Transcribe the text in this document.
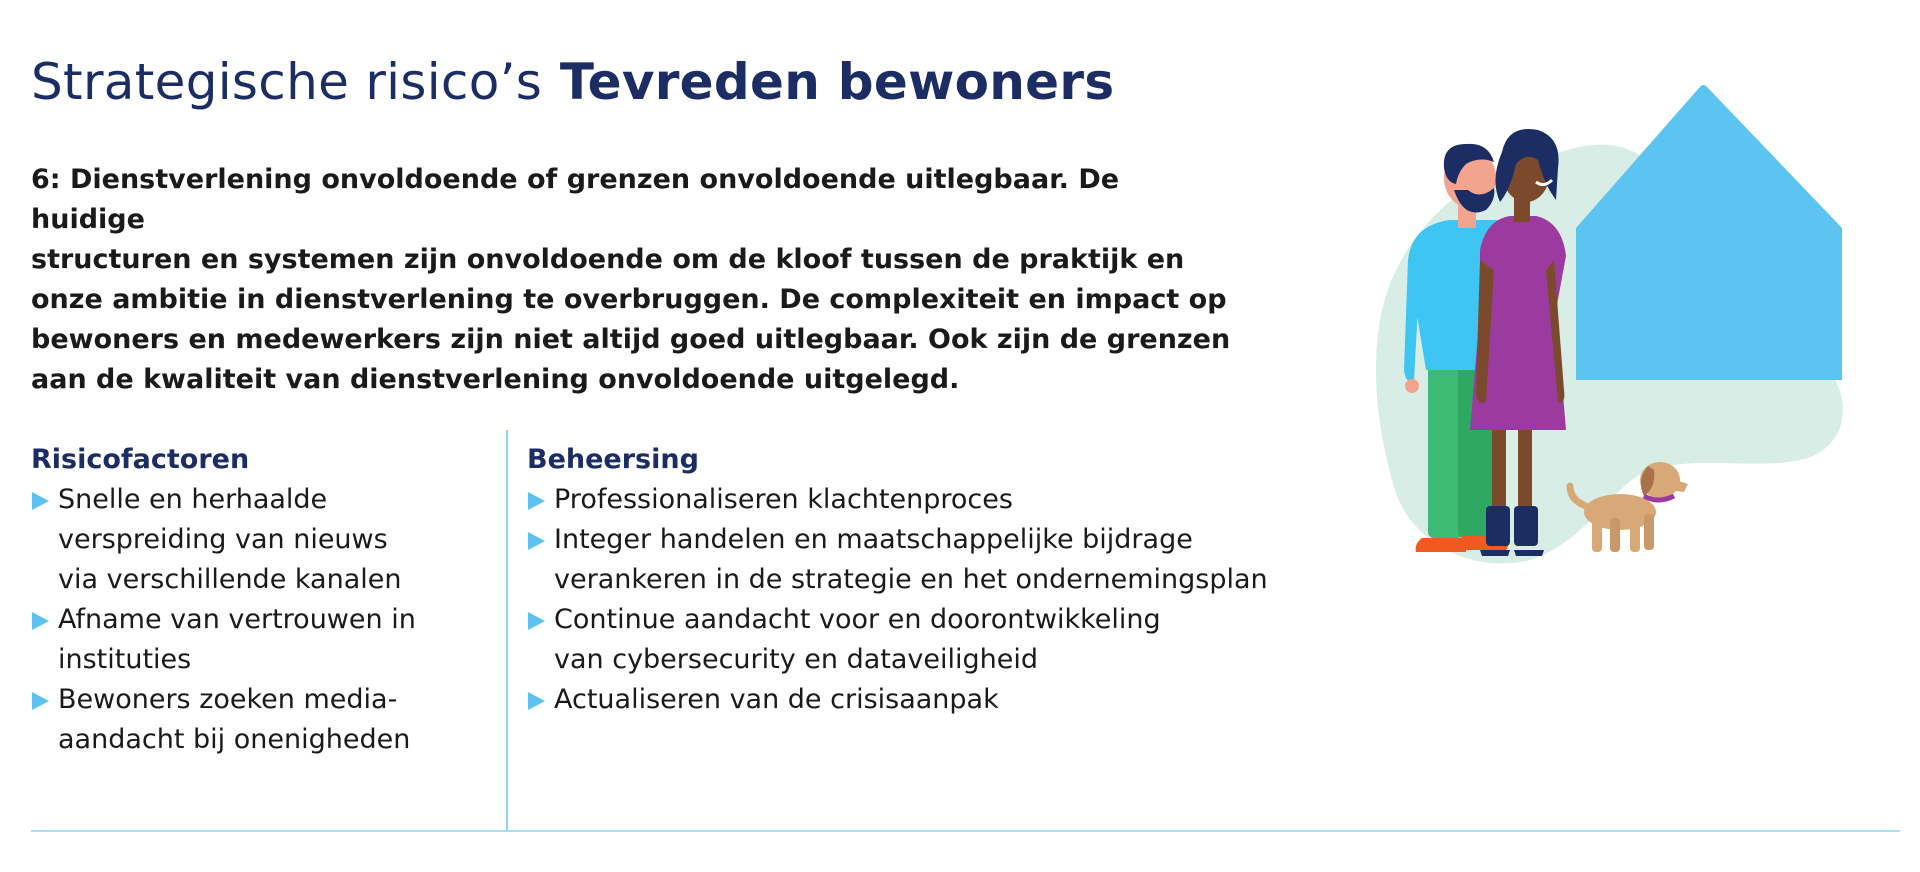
Strategische risico’s Tevreden bewoners

6: Dienstverlening onvoldoende of grenzen onvoldoende uitlegbaar. De huidige
structuren en systemen zijn onvoldoende om de kloof tussen de praktijk en
onze ambitie in dienstverlening te overbruggen. De complexiteit en impact op
bewoners en medewerkers zijn niet altijd goed uitlegbaar. Ook zijn de grenzen
aan de kwaliteit van dienstverlening onvoldoende uitgelegd.

Risicofactoren
Snelle en herhaalde
verspreiding van nieuws
via verschillende kanalen
Afname van vertrouwen in
instituties
Bewoners zoeken media-
aandacht bij onenigheden
Beheersing
Professionaliseren klachtenproces
Integer handelen en maatschappelijke bijdrage
verankeren in de strategie en het ondernemingsplan
Continue aandacht voor en doorontwikkeling
van cybersecurity en dataveiligheid
Actualiseren van de crisisaanpak
